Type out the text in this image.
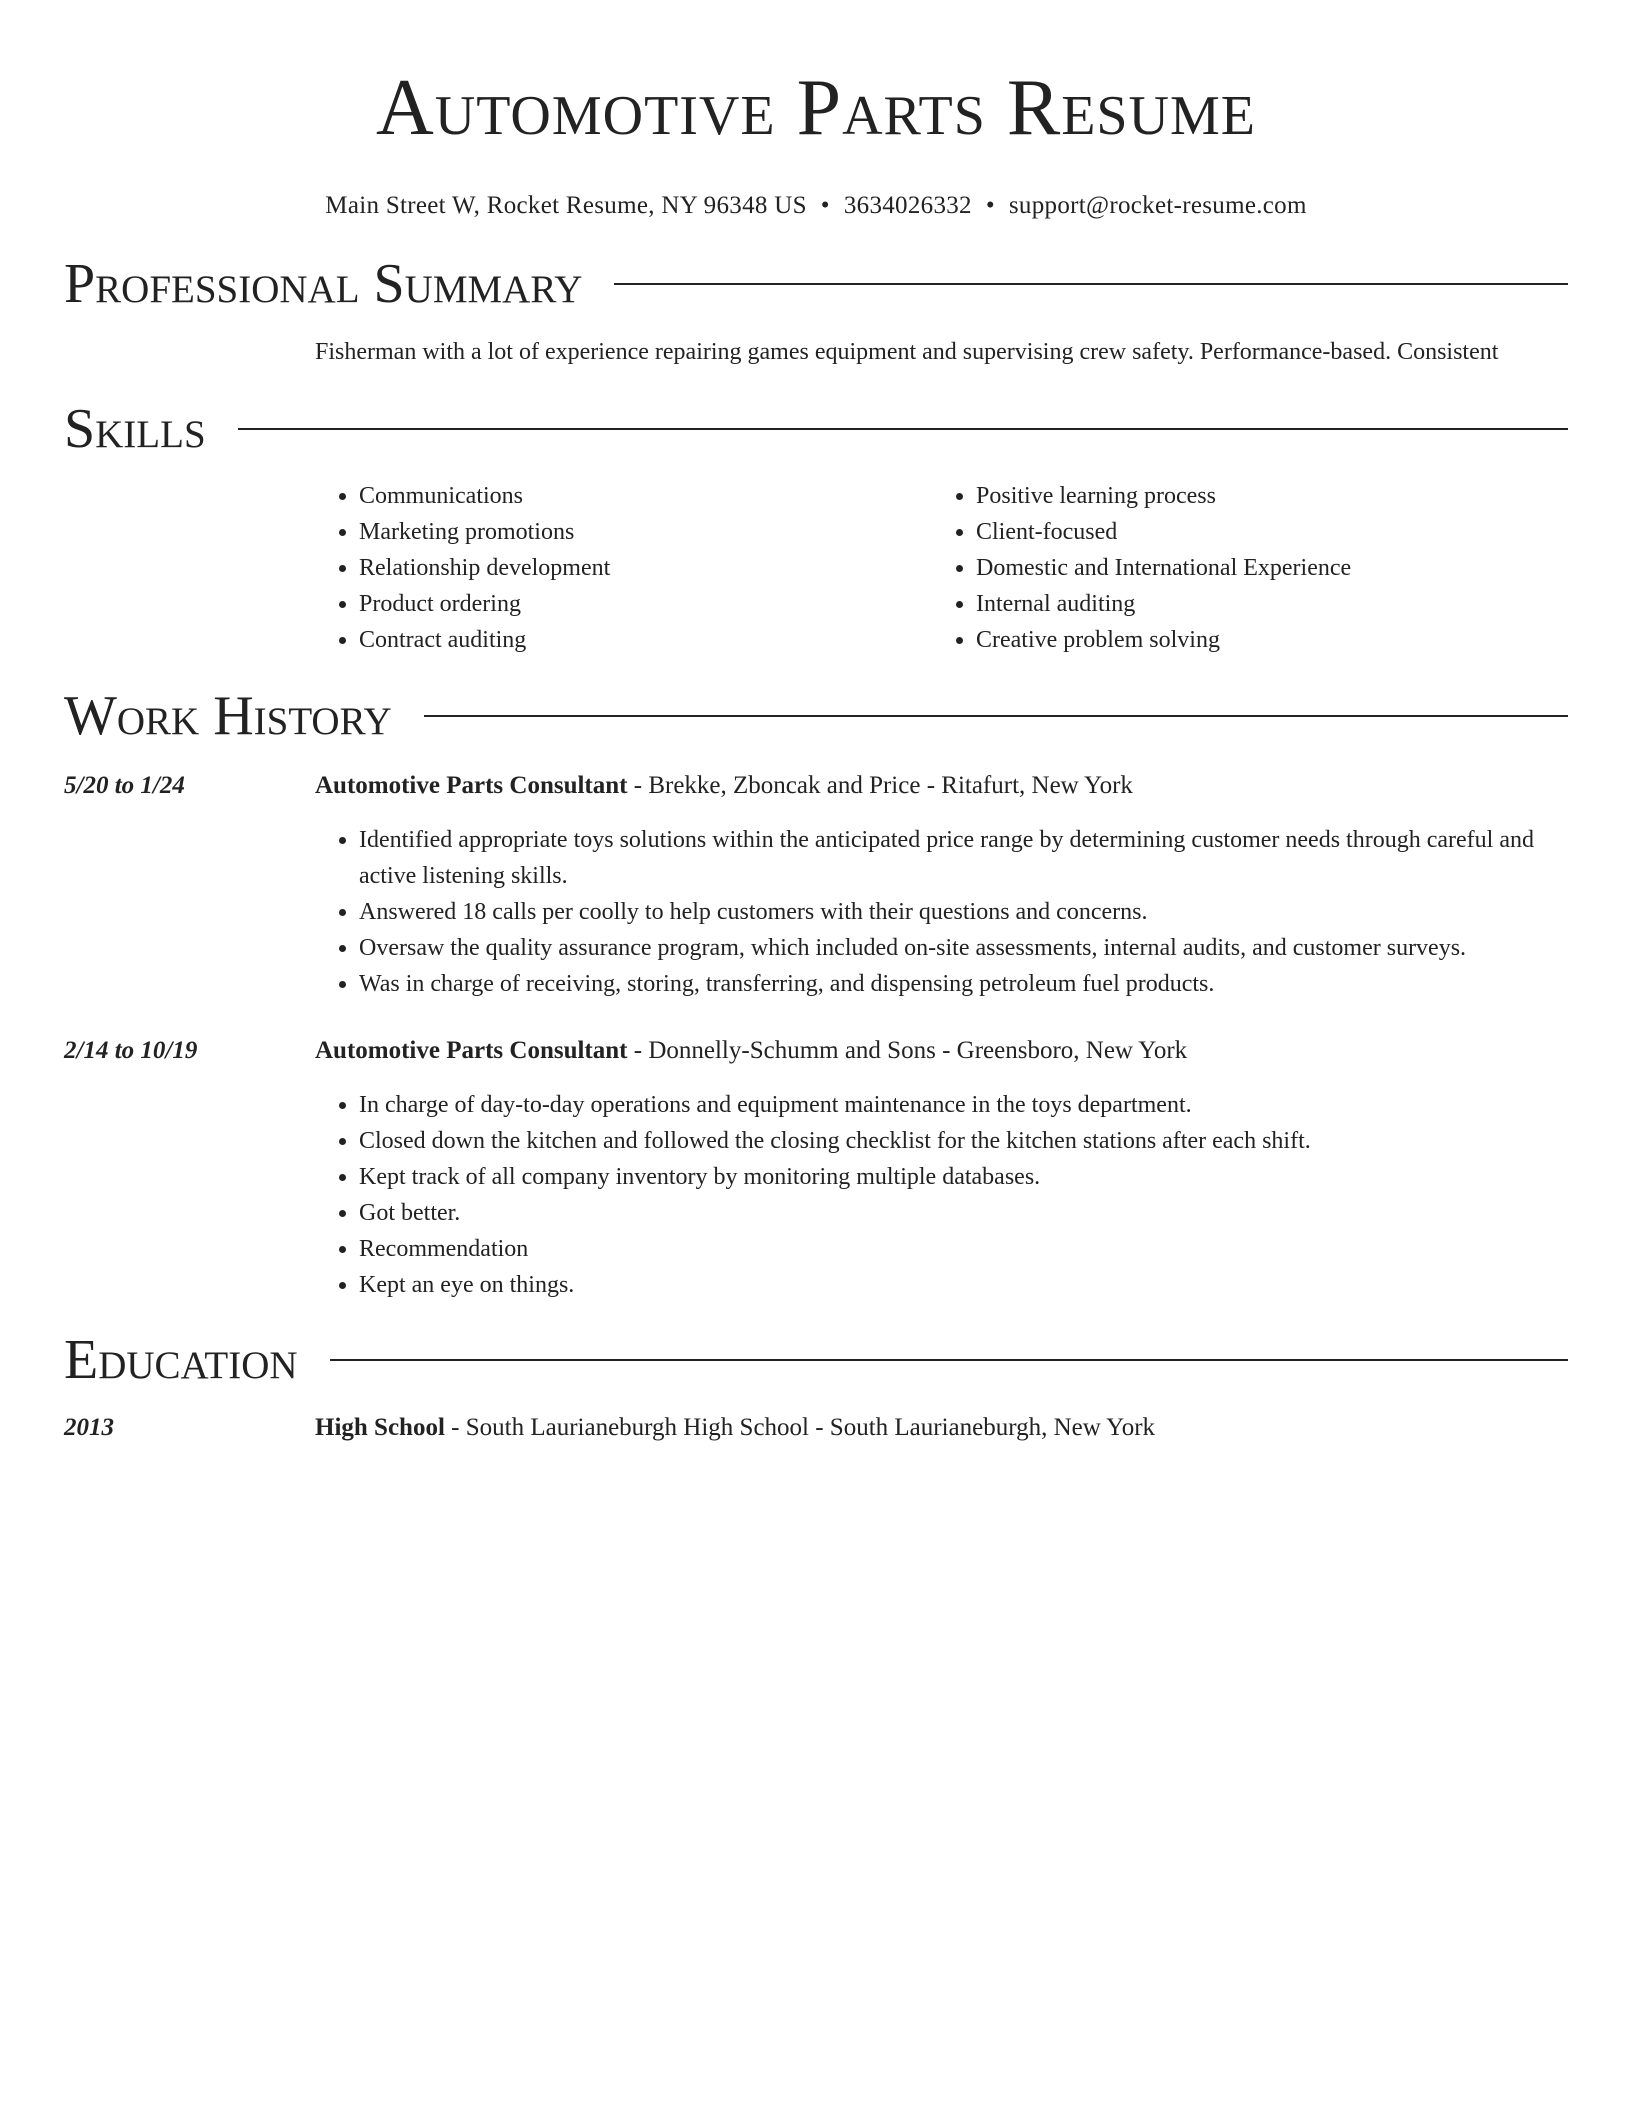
Automotive Parts Resume
Main Street W, Rocket Resume, NY 96348 US • 3634026332 • support@rocket-resume.com
Professional Summary

Fisherman with a lot of experience repairing games equipment and supervising crew safety. Performance-based. Consistent

Skills
• Communications
• Marketing promotions
• Relationship development
• Product ordering
• Contract auditing
• Positive learning process
• Client-focused
• Domestic and International Experience
• Internal auditing
• Creative problem solving
Work History
5/20 to 1/24	Automotive Parts Consultant - Brekke, Zboncak and Price - Ritafurt, New York
• Identified appropriate toys solutions within the anticipated price range by determining customer needs through careful and active listening skills.
• Answered 18 calls per coolly to help customers with their questions and concerns.
• Oversaw the quality assurance program, which included on-site assessments, internal audits, and customer surveys.
• Was in charge of receiving, storing, transferring, and dispensing petroleum fuel products.
2/14 to 10/19	Automotive Parts Consultant - Donnelly-Schumm and Sons - Greensboro, New York
• In charge of day-to-day operations and equipment maintenance in the toys department.
• Closed down the kitchen and followed the closing checklist for the kitchen stations after each shift.
• Kept track of all company inventory by monitoring multiple databases.
• Got better.
• Recommendation
• Kept an eye on things.
Education
2013	High School - South Laurianeburgh High School - South Laurianeburgh, New York
